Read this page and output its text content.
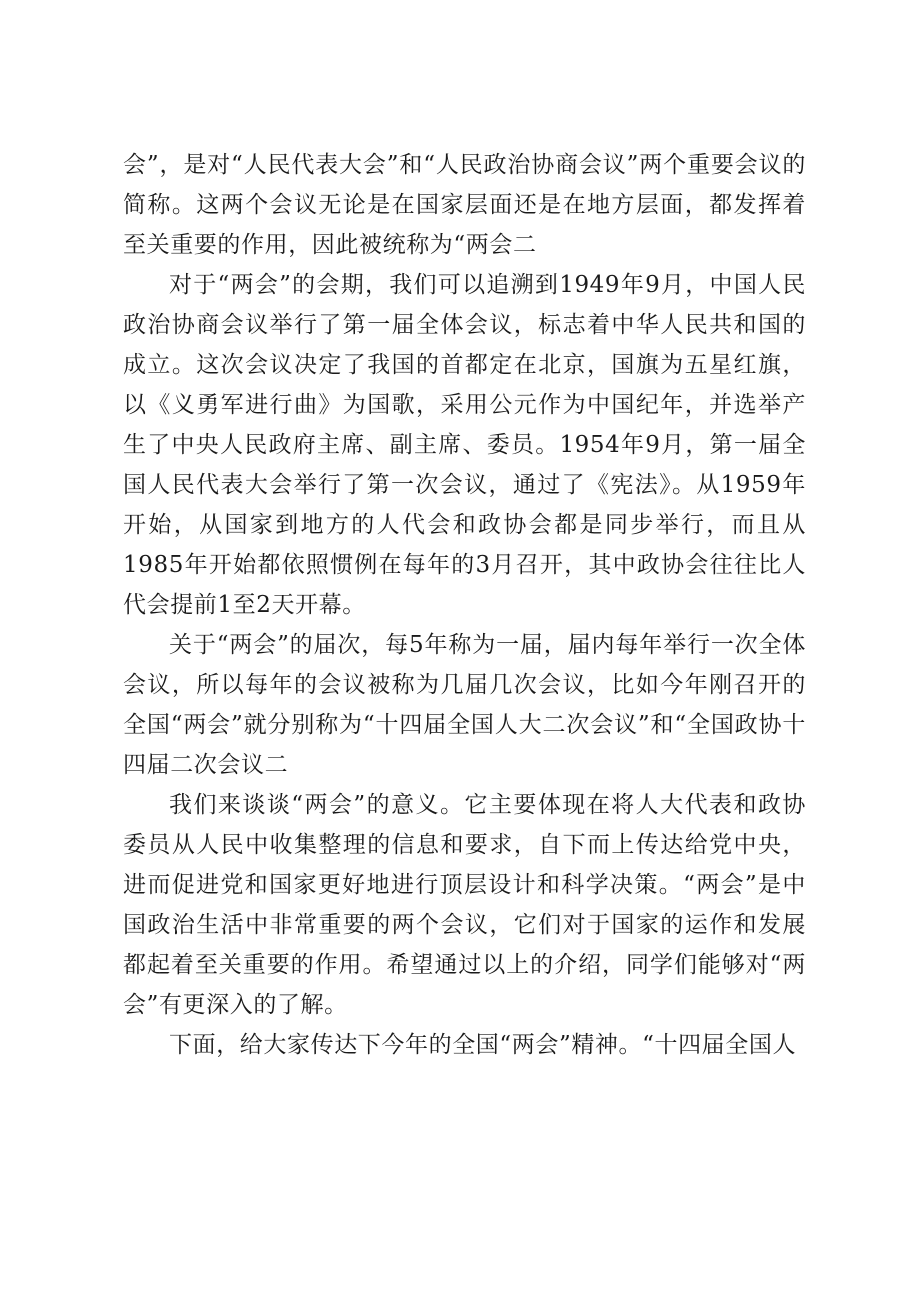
会”，是对“人民代表大会”和“人民政治协商会议”两个重要会议的简称。这两个会议无论是在国家层面还是在地方层面，都发挥着至关重要的作用，因此被统称为“两会二

对于“两会”的会期，我们可以追溯到1949年9月，中国人民政治协商会议举行了第一届全体会议，标志着中华人民共和国的成立。这次会议决定了我国的首都定在北京，国旗为五星红旗，以《义勇军进行曲》为国歌，采用公元作为中国纪年，并选举产生了中央人民政府主席、副主席、委员。1954年9月，第一届全国人民代表大会举行了第一次会议，通过了《宪法》。从1959年开始，从国家到地方的人代会和政协会都是同步举行，而且从1985年开始都依照惯例在每年的3月召开，其中政协会往往比人代会提前1至2天开幕。

关于“两会”的届次，每5年称为一届，届内每年举行一次全体会议，所以每年的会议被称为几届几次会议，比如今年刚召开的全国“两会”就分别称为“十四届全国人大二次会议”和“全国政协十四届二次会议二

我们来谈谈“两会”的意义。它主要体现在将人大代表和政协委员从人民中收集整理的信息和要求，自下而上传达给党中央，进而促进党和国家更好地进行顶层设计和科学决策。“两会”是中国政治生活中非常重要的两个会议，它们对于国家的运作和发展都起着至关重要的作用。希望通过以上的介绍，同学们能够对“两会”有更深入的了解。

下面，给大家传达下今年的全国“两会”精神。“十四届全国人
